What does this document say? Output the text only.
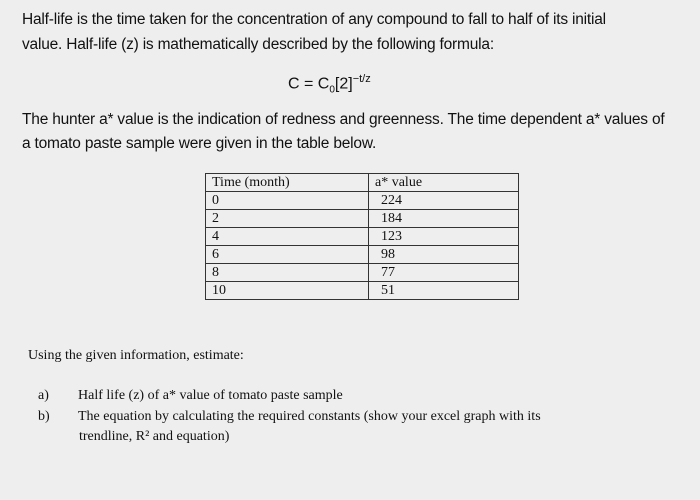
Half-life is the time taken for the concentration of any compound to fall to half of its initial
value. Half-life (z) is mathematically described by the following formula:
$C = C_0[2]^{-t/z}$
The hunter a* value is the indication of redness and greenness. The time dependent a* values of
a tomato paste sample were given in the table below.
Time (month)	a* value
0	224
2	184
4	123
6	98
8	77
10	51
Using the given information, estimate:
a) Half life (z) of a* value of tomato paste sample
b) The equation by calculating the required constants (show your excel graph with its
trendline, R² and equation)
